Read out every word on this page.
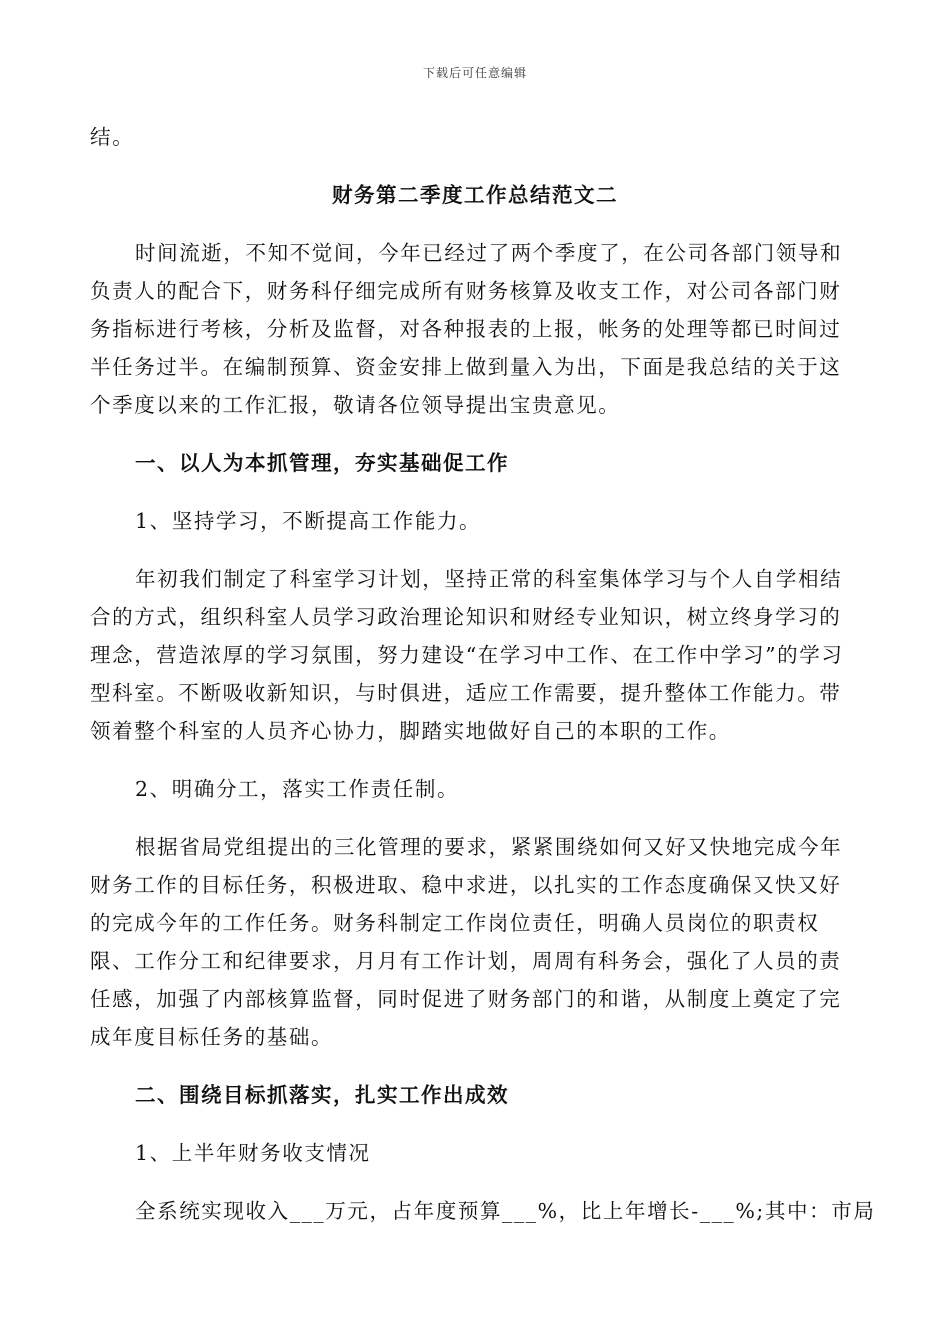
下载后可任意编辑

结。

财务第二季度工作总结范文二

时间流逝，不知不觉间，今年已经过了两个季度了，在公司各部门领导和负责人的配合下，财务科仔细完成所有财务核算及收支工作，对公司各部门财务指标进行考核，分析及监督，对各种报表的上报，帐务的处理等都已时间过半任务过半。在编制预算、资金安排上做到量入为出，下面是我总结的关于这个季度以来的工作汇报，敬请各位领导提出宝贵意见。

一、以人为本抓管理，夯实基础促工作

1、坚持学习，不断提高工作能力。

年初我们制定了科室学习计划，坚持正常的科室集体学习与个人自学相结合的方式，组织科室人员学习政治理论知识和财经专业知识，树立终身学习的理念，营造浓厚的学习氛围，努力建设“在学习中工作、在工作中学习”的学习型科室。不断吸收新知识，与时俱进，适应工作需要，提升整体工作能力。带领着整个科室的人员齐心协力，脚踏实地做好自己的本职的工作。

2、明确分工，落实工作责任制。

根据省局党组提出的三化管理的要求，紧紧围绕如何又好又快地完成今年财务工作的目标任务，积极进取、稳中求进，以扎实的工作态度确保又快又好的完成今年的工作任务。财务科制定工作岗位责任，明确人员岗位的职责权限、工作分工和纪律要求，月月有工作计划，周周有科务会，强化了人员的责任感，加强了内部核算监督，同时促进了财务部门的和谐，从制度上奠定了完成年度目标任务的基础。

二、围绕目标抓落实，扎实工作出成效

1、上半年财务收支情况

全系统实现收入___万元，占年度预算___%，比上年增长-___%;其中：市局
